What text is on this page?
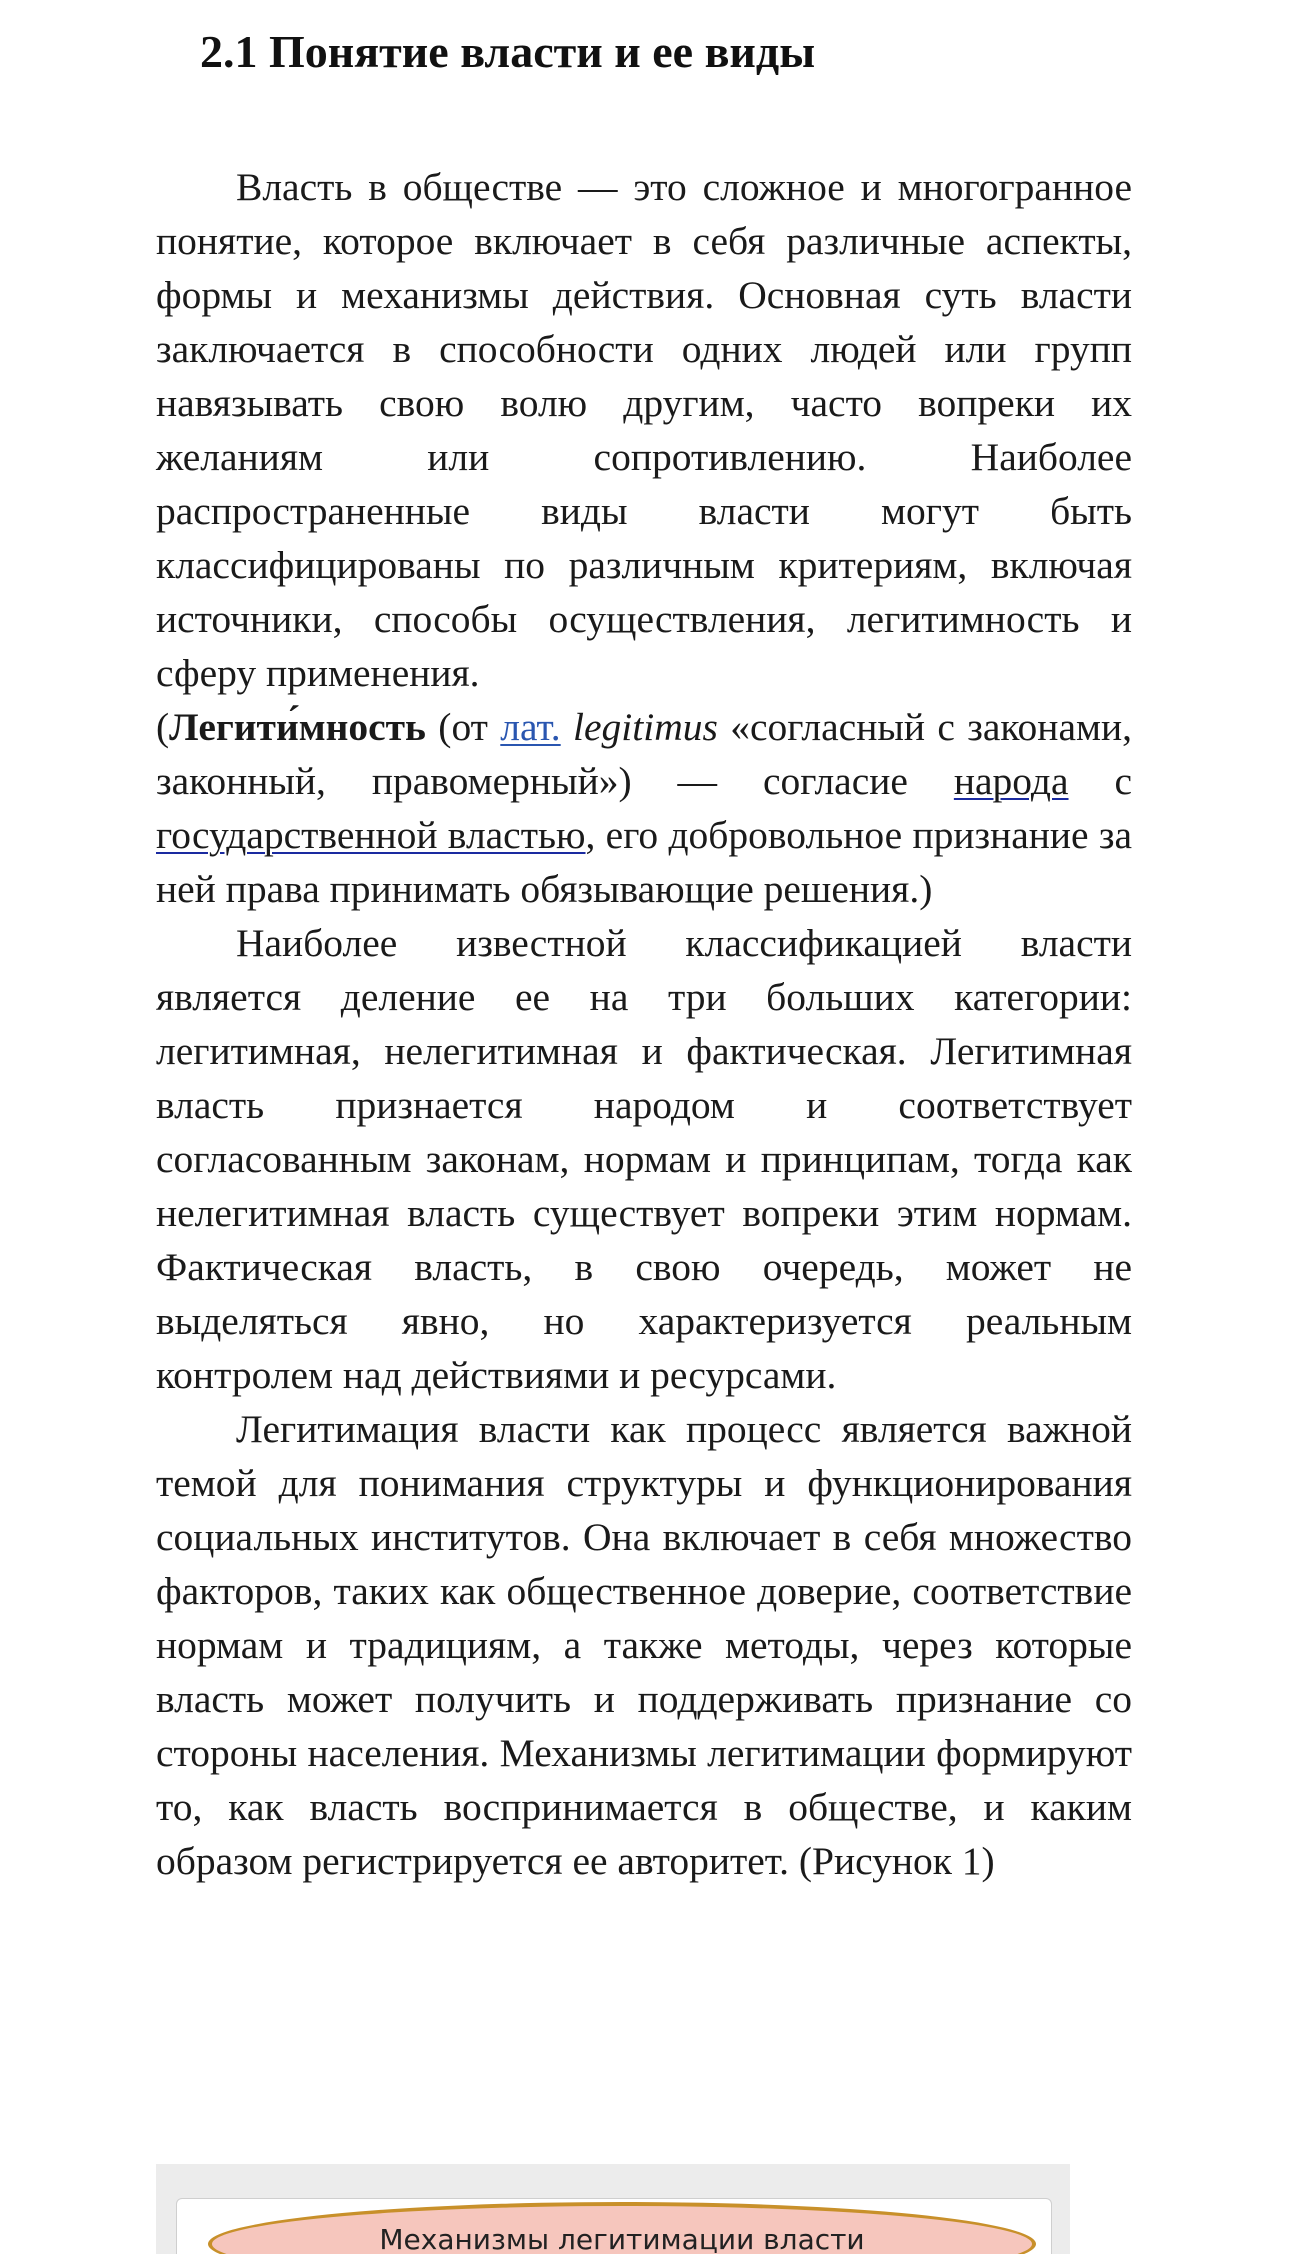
2.1 Понятие власти и ее виды

Власть в обществе — это сложное и многогранное понятие, которое включает в себя различные аспекты, формы и механизмы действия. Основная суть власти заключается в способности одних людей или групп навязывать свою волю другим, часто вопреки их желаниям или сопротивлению. Наиболее распространенные виды власти могут быть классифицированы по различным критериям, включая источники, способы осуществления, легитимность и сферу применения.

(Легити́мность (от лат. legitimus «согласный с законами, законный, правомерный») — согласие народа с государственной властью, его добровольное признание за ней права принимать обязывающие решения.)

Наиболее известной классификацией власти является деление ее на три больших категории: легитимная, нелегитимная и фактическая. Легитимная власть признается народом и соответствует согласованным законам, нормам и принципам, тогда как нелегитимная власть существует вопреки этим нормам. Фактическая власть, в свою очередь, может не выделяться явно, но характеризуется реальным контролем над действиями и ресурсами.

Легитимация власти как процесс является важной темой для понимания структуры и функционирования социальных институтов. Она включает в себя множество факторов, таких как общественное доверие, соответствие нормам и традициям, а также методы, через которые власть может получить и поддерживать признание со стороны населения. Механизмы легитимации формируют то, как власть воспринимается в обществе, и каким образом регистрируется ее авторитет. (Рисунок 1)

Механизмы легитимации власти
